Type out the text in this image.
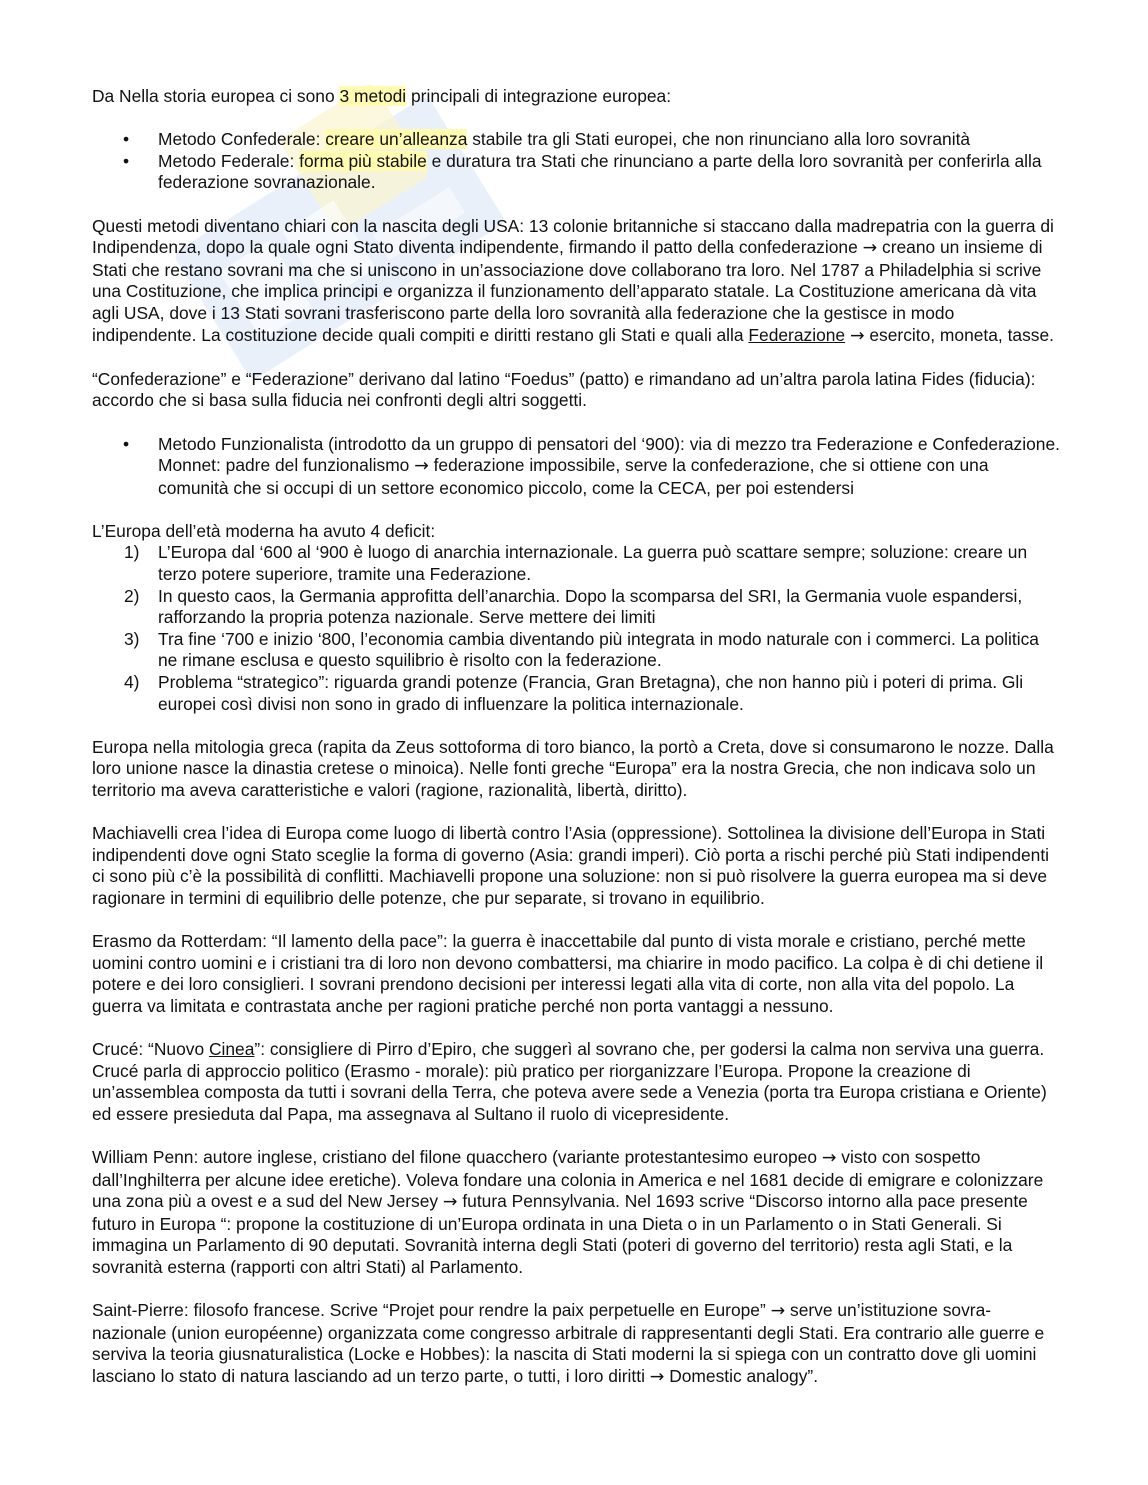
Da Nella storia europea ci sono 3 metodi principali di integrazione europea:

• Metodo Confederale: creare un’alleanza stabile tra gli Stati europei, che non rinunciano alla loro sovranità
• Metodo Federale: forma più stabile e duratura tra Stati che rinunciano a parte della loro sovranità per conferirla alla federazione sovranazionale.

Questi metodi diventano chiari con la nascita degli USA: 13 colonie britanniche si staccano dalla madrepatria con la guerra di Indipendenza, dopo la quale ogni Stato diventa indipendente, firmando il patto della confederazione → creano un insieme di Stati che restano sovrani ma che si uniscono in un’associazione dove collaborano tra loro. Nel 1787 a Philadelphia si scrive una Costituzione, che implica principi e organizza il funzionamento dell’apparato statale. La Costituzione americana dà vita agli USA, dove i 13 Stati sovrani trasferiscono parte della loro sovranità alla federazione che la gestisce in modo indipendente. La costituzione decide quali compiti e diritti restano gli Stati e quali alla Federazione → esercito, moneta, tasse.

“Confederazione” e “Federazione” derivano dal latino “Foedus” (patto) e rimandano ad un’altra parola latina Fides (fiducia): accordo che si basa sulla fiducia nei confronti degli altri soggetti.

• Metodo Funzionalista (introdotto da un gruppo di pensatori del ‘900): via di mezzo tra Federazione e Confederazione. Monnet: padre del funzionalismo → federazione impossibile, serve la confederazione, che si ottiene con una comunità che si occupi di un settore economico piccolo, come la CECA, per poi estendersi
L’Europa dell’età moderna ha avuto 4 deficit:
1) L’Europa dal ‘600 al ‘900 è luogo di anarchia internazionale. La guerra può scattare sempre; soluzione: creare un terzo potere superiore, tramite una Federazione.
2) In questo caos, la Germania approfitta dell’anarchia. Dopo la scomparsa del SRI, la Germania vuole espandersi, rafforzando la propria potenza nazionale. Serve mettere dei limiti
3) Tra fine ‘700 e inizio ‘800, l’economia cambia diventando più integrata in modo naturale con i commerci. La politica ne rimane esclusa e questo squilibrio è risolto con la federazione.
4) Problema “strategico”: riguarda grandi potenze (Francia, Gran Bretagna), che non hanno più i poteri di prima. Gli europei così divisi non sono in grado di influenzare la politica internazionale.

Europa nella mitologia greca (rapita da Zeus sottoforma di toro bianco, la portò a Creta, dove si consumarono le nozze. Dalla loro unione nasce la dinastia cretese o minoica). Nelle fonti greche “Europa” era la nostra Grecia, che non indicava solo un territorio ma aveva caratteristiche e valori (ragione, razionalità, libertà, diritto).

Machiavelli crea l’idea di Europa come luogo di libertà contro l’Asia (oppressione). Sottolinea la divisione dell’Europa in Stati indipendenti dove ogni Stato sceglie la forma di governo (Asia: grandi imperi). Ciò porta a rischi perché più Stati indipendenti ci sono più c’è la possibilità di conflitti. Machiavelli propone una soluzione: non si può risolvere la guerra europea ma si deve ragionare in termini di equilibrio delle potenze, che pur separate, si trovano in equilibrio.

Erasmo da Rotterdam: “Il lamento della pace”: la guerra è inaccettabile dal punto di vista morale e cristiano, perché mette uomini contro uomini e i cristiani tra di loro non devono combattersi, ma chiarire in modo pacifico. La colpa è di chi detiene il potere e dei loro consiglieri. I sovrani prendono decisioni per interessi legati alla vita di corte, non alla vita del popolo. La guerra va limitata e contrastata anche per ragioni pratiche perché non porta vantaggi a nessuno.

Crucé: “Nuovo Cinea”: consigliere di Pirro d’Epiro, che suggerì al sovrano che, per godersi la calma non serviva una guerra. Crucé parla di approccio politico (Erasmo - morale): più pratico per riorganizzare l’Europa. Propone la creazione di un’assemblea composta da tutti i sovrani della Terra, che poteva avere sede a Venezia (porta tra Europa cristiana e Oriente) ed essere presieduta dal Papa, ma assegnava al Sultano il ruolo di vicepresidente.

William Penn: autore inglese, cristiano del filone quacchero (variante protestantesimo europeo → visto con sospetto dall’Inghilterra per alcune idee eretiche). Voleva fondare una colonia in America e nel 1681 decide di emigrare e colonizzare una zona più a ovest e a sud del New Jersey → futura Pennsylvania. Nel 1693 scrive “Discorso intorno alla pace presente futuro in Europa “: propone la costituzione di un’Europa ordinata in una Dieta o in un Parlamento o in Stati Generali. Si immagina un Parlamento di 90 deputati. Sovranità interna degli Stati (poteri di governo del territorio) resta agli Stati, e la sovranità esterna (rapporti con altri Stati) al Parlamento.

Saint-Pierre: filosofo francese. Scrive “Projet pour rendre la paix perpetuelle en Europe” → serve un’istituzione sovra-nazionale (union européenne) organizzata come congresso arbitrale di rappresentanti degli Stati. Era contrario alle guerre e serviva la teoria giusnaturalistica (Locke e Hobbes): la nascita di Stati moderni la si spiega con un contratto dove gli uomini lasciano lo stato di natura lasciando ad un terzo parte, o tutti, i loro diritti → Domestic analogy”.
